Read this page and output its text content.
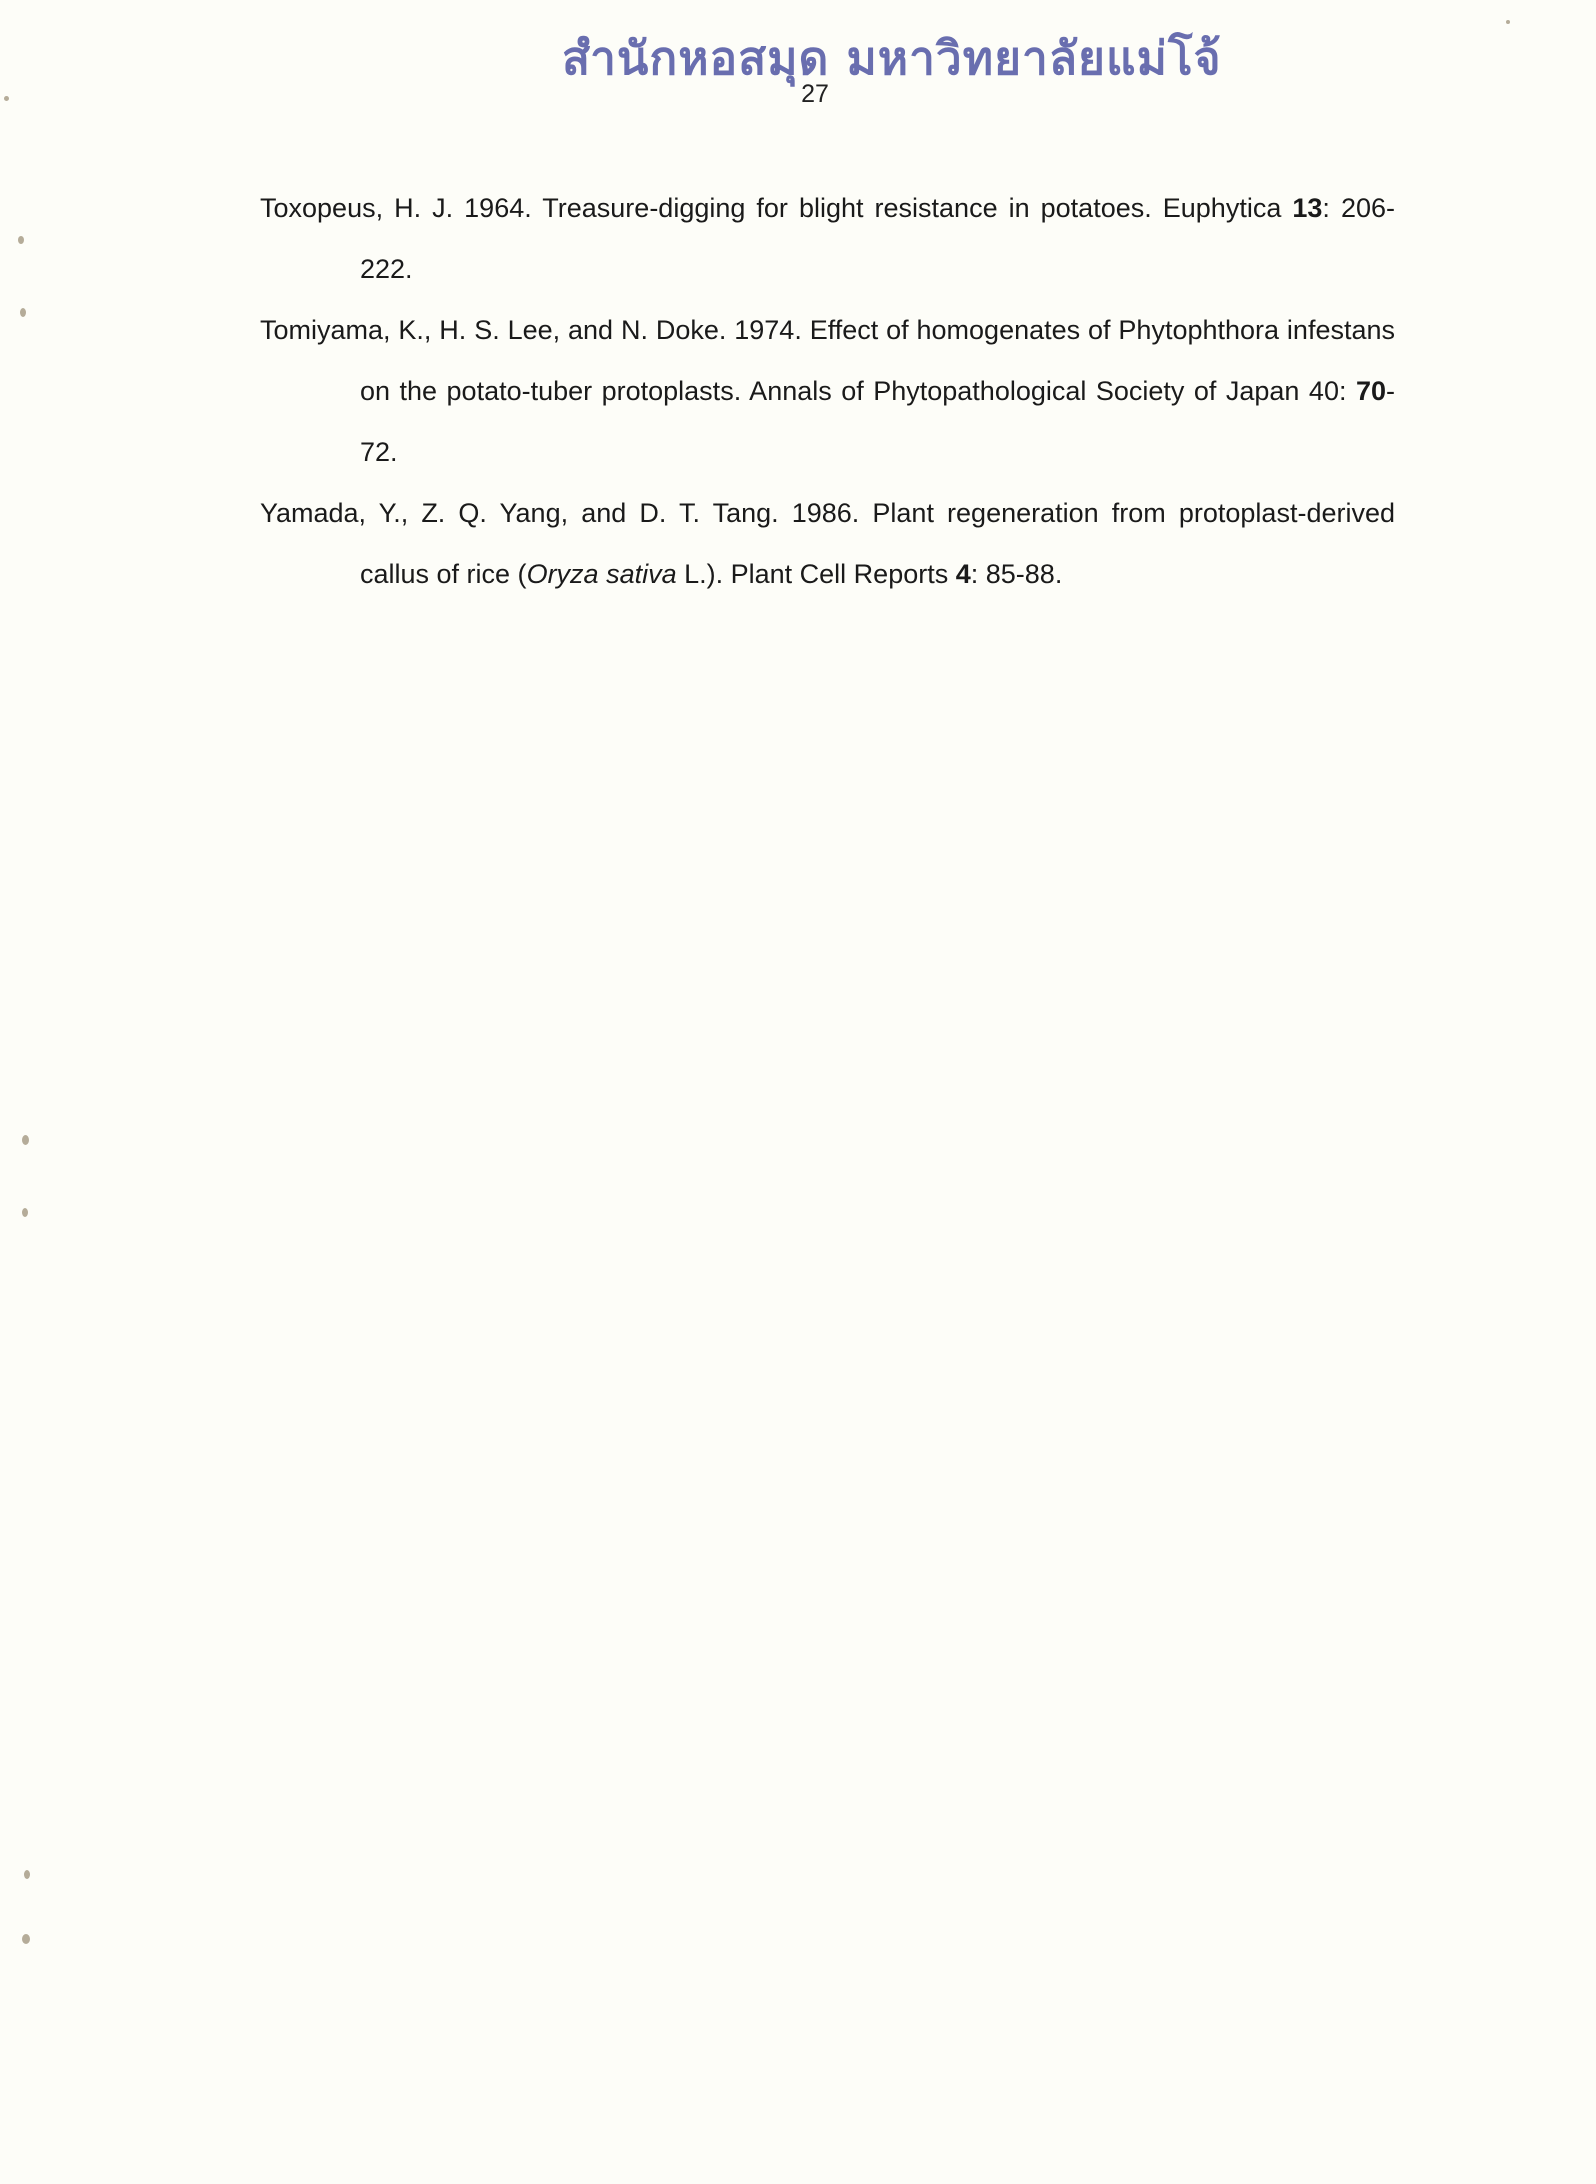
สำนักหอสมุด มหาวิทยาลัยแม่โจ้
27

Toxopeus, H. J. 1964. Treasure-digging for blight resistance in potatoes. Euphytica 13: 206-222.

Tomiyama, K., H. S. Lee, and N. Doke. 1974. Effect of homogenates of Phytophthora infestans on the potato-tuber protoplasts. Annals of Phytopathological Society of Japan 40: 70-72.

Yamada, Y., Z. Q. Yang, and D. T. Tang. 1986. Plant regeneration from protoplast-derived callus of rice (Oryza sativa L.). Plant Cell Reports 4: 85-88.
